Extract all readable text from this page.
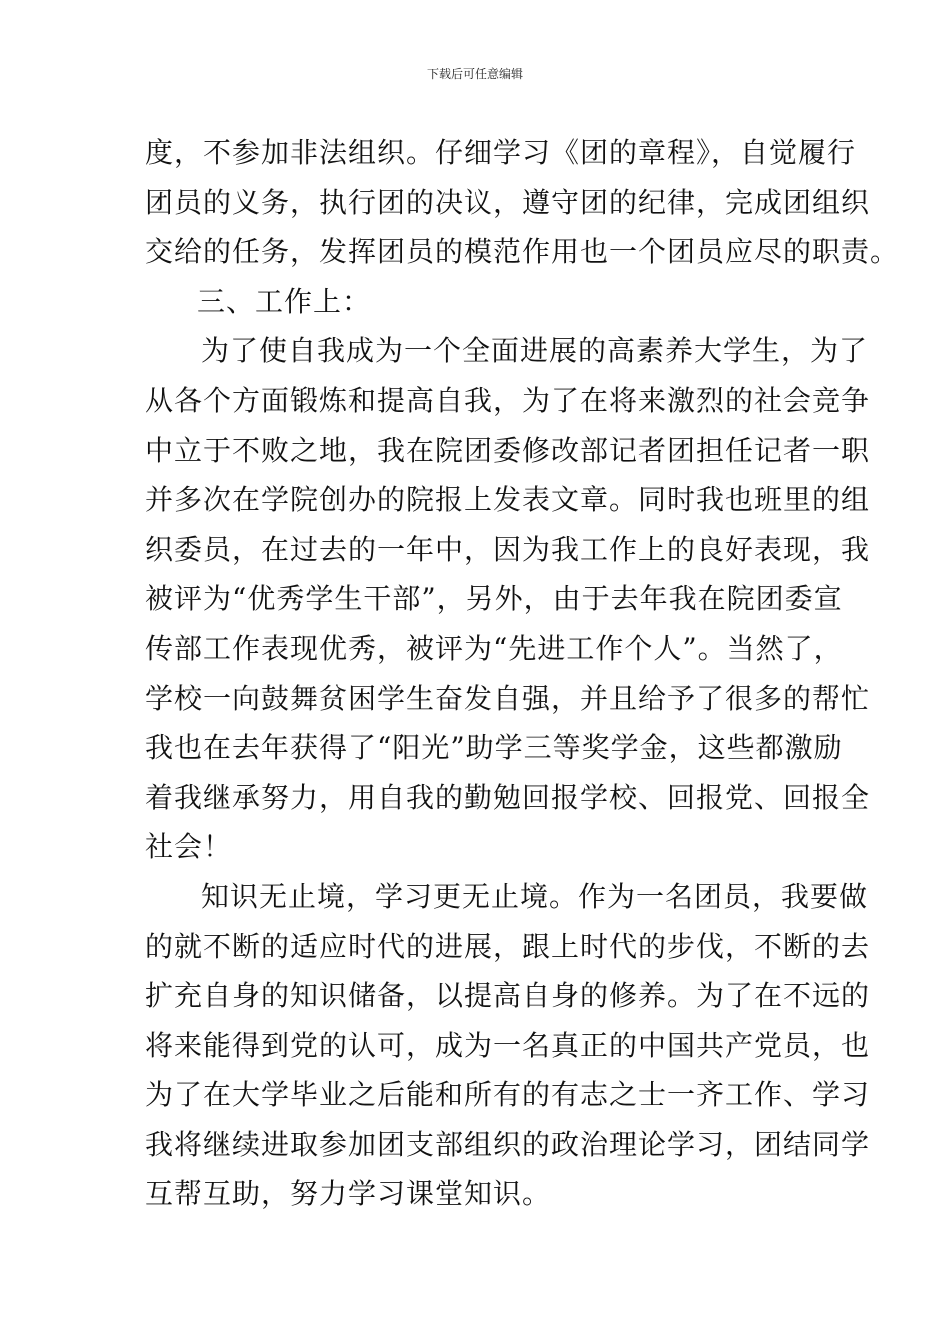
下载后可任意编辑
度，不参加非法组织。仔细学习《团的章程》，自觉履行
团员的义务，执行团的决议，遵守团的纪律，完成团组织
交给的任务，发挥团员的模范作用也一个团员应尽的职责。
三、工作上：
为了使自我成为一个全面进展的高素养大学生，为了
从各个方面锻炼和提高自我，为了在将来激烈的社会竞争
中立于不败之地，我在院团委修改部记者团担任记者一职
并多次在学院创办的院报上发表文章。同时我也班里的组
织委员，在过去的一年中，因为我工作上的良好表现，我
被评为“优秀学生干部”，另外，由于去年我在院团委宣
传部工作表现优秀，被评为“先进工作个人”。当然了，
学校一向鼓舞贫困学生奋发自强，并且给予了很多的帮忙
我也在去年获得了“阳光”助学三等奖学金，这些都激励
着我继承努力，用自我的勤勉回报学校、回报党、回报全
社会！
知识无止境，学习更无止境。作为一名团员，我要做
的就不断的适应时代的进展，跟上时代的步伐，不断的去
扩充自身的知识储备，以提高自身的修养。为了在不远的
将来能得到党的认可，成为一名真正的中国共产党员，也
为了在大学毕业之后能和所有的有志之士一齐工作、学习
我将继续进取参加团支部组织的政治理论学习，团结同学
互帮互助，努力学习课堂知识。
